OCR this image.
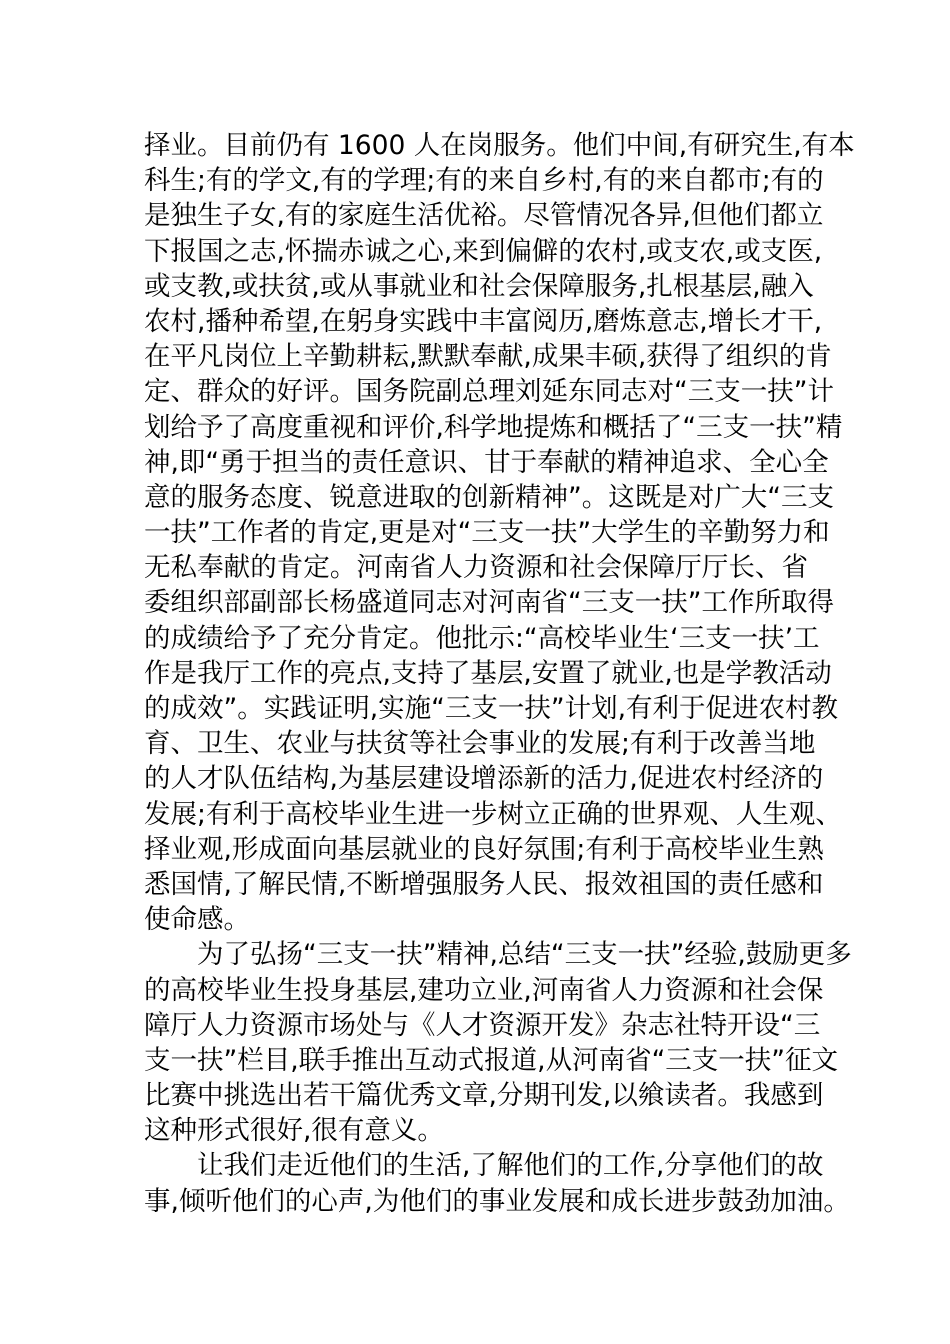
择业。目前仍有 1600 人在岗服务。他们中间,有研究生,有本
科生;有的学文,有的学理;有的来自乡村,有的来自都市;有的
是独生子女,有的家庭生活优裕。尽管情况各异,但他们都立
下报国之志,怀揣赤诚之心,来到偏僻的农村,或支农,或支医,
或支教,或扶贫,或从事就业和社会保障服务,扎根基层,融入
农村,播种希望,在躬身实践中丰富阅历,磨炼意志,增长才干,
在平凡岗位上辛勤耕耘,默默奉献,成果丰硕,获得了组织的肯
定、群众的好评。国务院副总理刘延东同志对“三支一扶”计
划给予了高度重视和评价,科学地提炼和概括了“三支一扶”精
神,即“勇于担当的责任意识、甘于奉献的精神追求、全心全
意的服务态度、锐意进取的创新精神”。这既是对广大“三支
一扶”工作者的肯定,更是对“三支一扶”大学生的辛勤努力和
无私奉献的肯定。河南省人力资源和社会保障厅厅长、省
委组织部副部长杨盛道同志对河南省“三支一扶”工作所取得
的成绩给予了充分肯定。他批示:“高校毕业生‘三支一扶’工
作是我厅工作的亮点,支持了基层,安置了就业,也是学教活动
的成效”。实践证明,实施“三支一扶”计划,有利于促进农村教
育、卫生、农业与扶贫等社会事业的发展;有利于改善当地
的人才队伍结构,为基层建设增添新的活力,促进农村经济的
发展;有利于高校毕业生进一步树立正确的世界观、人生观、
择业观,形成面向基层就业的良好氛围;有利于高校毕业生熟
悉国情,了解民情,不断增强服务人民、报效祖国的责任感和
使命感。
为了弘扬“三支一扶”精神,总结“三支一扶”经验,鼓励更多
的高校毕业生投身基层,建功立业,河南省人力资源和社会保
障厅人力资源市场处与《人才资源开发》杂志社特开设“三
支一扶”栏目,联手推出互动式报道,从河南省“三支一扶”征文
比赛中挑选出若干篇优秀文章,分期刊发,以飨读者。我感到
这种形式很好,很有意义。
让我们走近他们的生活,了解他们的工作,分享他们的故
事,倾听他们的心声,为他们的事业发展和成长进步鼓劲加油。
